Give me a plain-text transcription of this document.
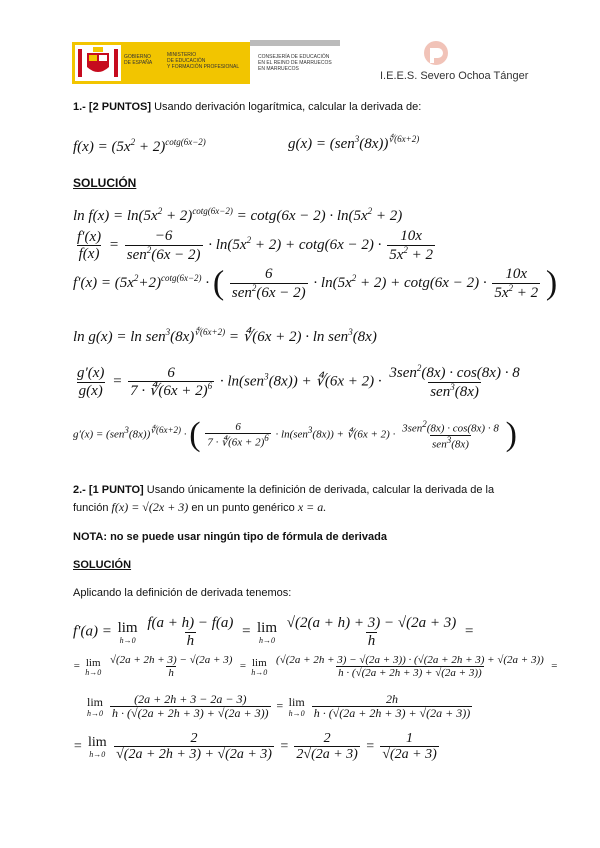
GOBIERNO
DE ESPAÑA
MINISTERIO
DE EDUCACIÓN
Y FORMACIÓN PROFESIONAL
CONSEJERÍA DE EDUCACIÓN
EN EL REINO DE MARRUECOS
EN MARRUECOS
I.E.E.S. Severo Ochoa Tánger
1.- [2 PUNTOS] Usando derivación logarítmica, calcular la derivada de:
$f(x) = (5x^2 + 2)^{cotg(6x-2)}$	$g(x) = (sen^3(8x))^{∜(6x+2)}$
SOLUCIÓN
$\ln f(x) = \ln(5x^2 + 2)^{cotg(6x-2)} = \cot g(6x - 2) \cdot \ln(5x^2 + 2)$
$\frac{f'(x)}{f(x)} = \frac{-6}{sen^2(6x - 2)} \cdot \ln(5x^2 + 2) + \cot g(6x - 2) \cdot \frac{10x}{5x^2 + 2}$
$f'(x) = (5x^2+2)^{cotg(6x-2)}$ · ( $\frac{6}{sen^2(6x - 2)} \cdot \ln(5x^2 + 2) + \cot g(6x - 2) \cdot \frac{10x}{5x^2 + 2}$ )
$\ln g(x) = \ln sen^3(8x)^{∜(6x+2)}$ = ∜(6x + 2) · ln sen$^3$(8x)
$\frac{g'(x)}{g(x)} = \frac{6}{7 \cdot ∜(6x + 2)^6} \cdot \ln(sen^3(8x))$ + ∜(6x + $2) \cdot \frac{3sen^2(8x) \cdot \cos(8x) \cdot 8}{sen^3(8x)}$
$g'(x) = (sen^3(8x))^{∜(6x+2)}$ · ( $\frac{6}{7 \cdot ∜(6x + 2)^6} \cdot \ln(sen^3(8x))$ + ∜(6x + $2) \cdot \frac{3sen^2(8x) \cdot \cos(8x) \cdot 8}{sen^3(8x)}$ )
2.- [1 PUNTO] Usando únicamente la definición de derivada, calcular la derivada de la
función f(x) = √(2x + 3) en un punto genérico x = a.
NOTA: no se puede usar ningún tipo de fórmula de derivada
SOLUCIÓN
Aplicando la definición de derivada tenemos:
f′(a) = lim
h→0
$\frac{f(a + h) - f(a)}{h} = \lim$
h→0
$\frac{√(2(a + h) + 3) - √(2a + 3)}{h}$ =
= lim
h→0
$\frac{√(2a + 2h + 3) - √(2a + 3)}{h} = \lim$
h→0
$\frac{(√(2a + 2h + 3) - √(2a + 3)) \cdot (√(2a + 2h + 3) + √(2a + 3))}{h \cdot (√(2a + 2h + 3) + √(2a + 3))}$ =
lim
h→0
$\frac{(2a + 2h + 3 - 2a - 3)}{h \cdot (√(2a + 2h + 3) + √(2a + 3))} = \lim$
h→0
$\frac{2h}{h \cdot (√(2a + 2h + 3) + √(2a + 3))}$
= lim
h→0
$\frac{2}{√(2a + 2h + 3) + √(2a + 3)} = \frac{2}{2√(2a + 3)} = \frac{1}{√(2a + 3)}$
